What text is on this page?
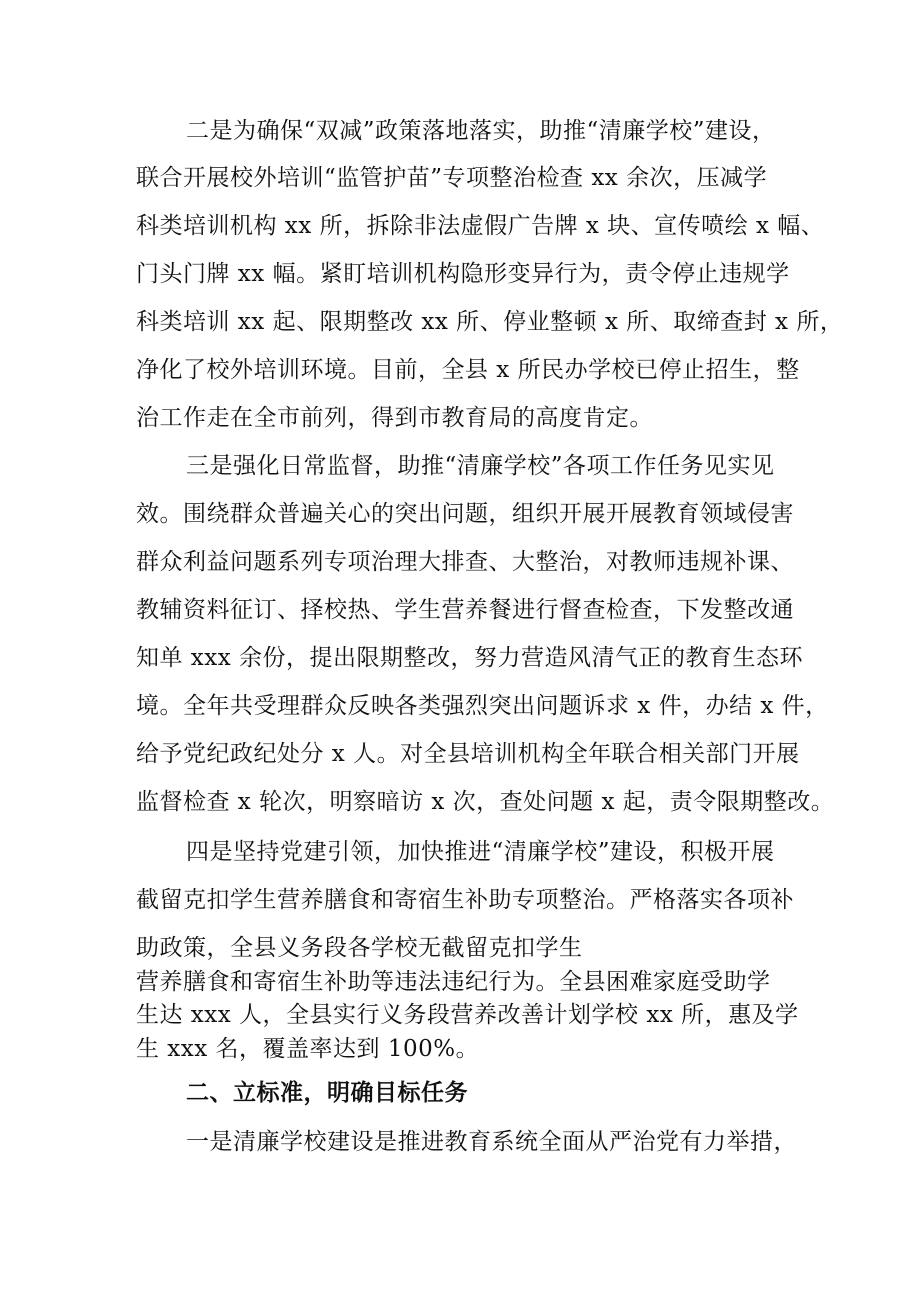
二是为确保“双减”政策落地落实，助推“清廉学校”建设，
联合开展校外培训“监管护苗”专项整治检查 xx 余次，压减学
科类培训机构 xx 所，拆除非法虚假广告牌 x 块、宣传喷绘 x 幅、
门头门牌 xx 幅。紧盯培训机构隐形变异行为，责令停止违规学
科类培训 xx 起、限期整改 xx 所、停业整顿 x 所、取缔查封 x 所，
净化了校外培训环境。目前，全县 x 所民办学校已停止招生，整
治工作走在全市前列，得到市教育局的高度肯定。
三是强化日常监督，助推“清廉学校”各项工作任务见实见
效。围绕群众普遍关心的突出问题，组织开展开展教育领域侵害
群众利益问题系列专项治理大排查、大整治，对教师违规补课、
教辅资料征订、择校热、学生营养餐进行督查检查，下发整改通
知单 xxx 余份，提出限期整改，努力营造风清气正的教育生态环
境。全年共受理群众反映各类强烈突出问题诉求 x 件，办结 x 件，
给予党纪政纪处分 x 人。对全县培训机构全年联合相关部门开展
监督检查 x 轮次，明察暗访 x 次，查处问题 x 起，责令限期整改。
四是坚持党建引领，加快推进“清廉学校”建设，积极开展
截留克扣学生营养膳食和寄宿生补助专项整治。严格落实各项补
助政策，全县义务段各学校无截留克扣学生
营养膳食和寄宿生补助等违法违纪行为。全县困难家庭受助学
生达 xxx 人，全县实行义务段营养改善计划学校 xx 所，惠及学
生 xxx 名，覆盖率达到 100%。
二、立标准，明确目标任务
一是清廉学校建设是推进教育系统全面从严治党有力举措，
